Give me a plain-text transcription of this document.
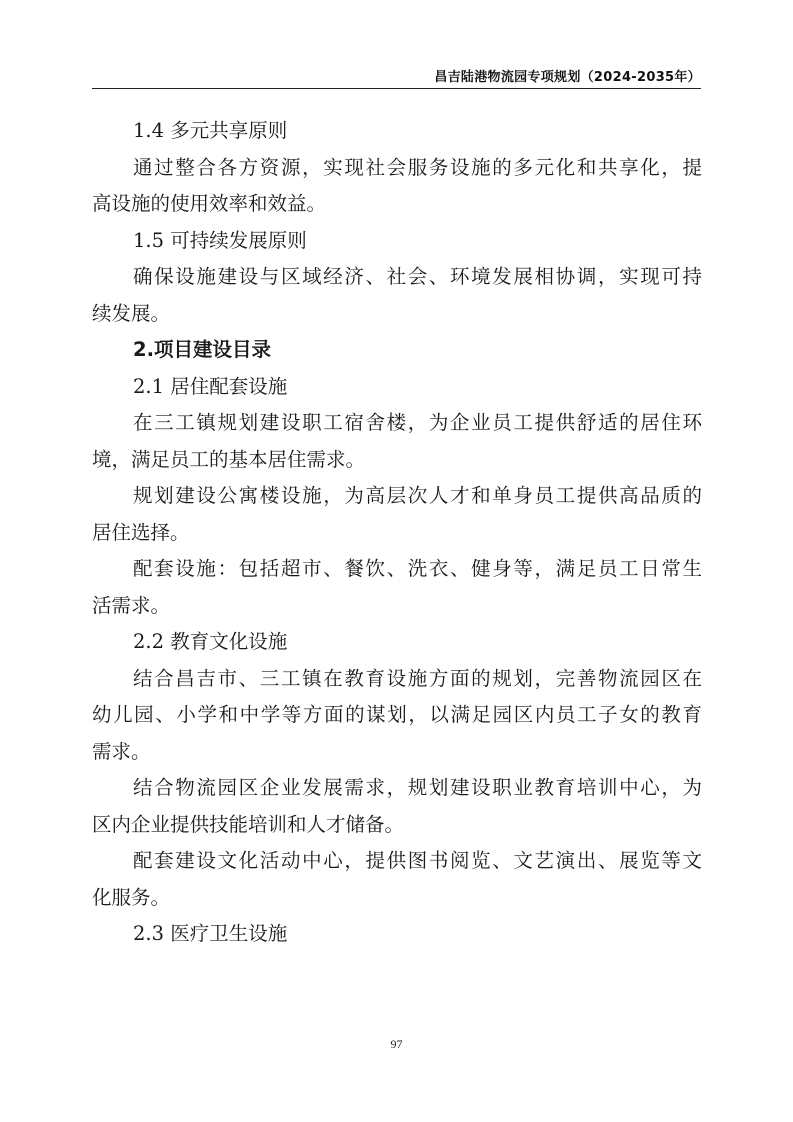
昌吉陆港物流园专项规划（2024-2035年）
1.4 多元共享原则
通过整合各方资源，实现社会服务设施的多元化和共享化，提
高设施的使用效率和效益。
1.5 可持续发展原则
确保设施建设与区域经济、社会、环境发展相协调，实现可持
续发展。
2.项目建设目录
2.1 居住配套设施
在三工镇规划建设职工宿舍楼，为企业员工提供舒适的居住环
境，满足员工的基本居住需求。
规划建设公寓楼设施，为高层次人才和单身员工提供高品质的
居住选择。
配套设施：包括超市、餐饮、洗衣、健身等，满足员工日常生
活需求。
2.2 教育文化设施
结合昌吉市、三工镇在教育设施方面的规划，完善物流园区在
幼儿园、小学和中学等方面的谋划，以满足园区内员工子女的教育
需求。
结合物流园区企业发展需求，规划建设职业教育培训中心，为
区内企业提供技能培训和人才储备。
配套建设文化活动中心，提供图书阅览、文艺演出、展览等文
化服务。
2.3 医疗卫生设施
97
